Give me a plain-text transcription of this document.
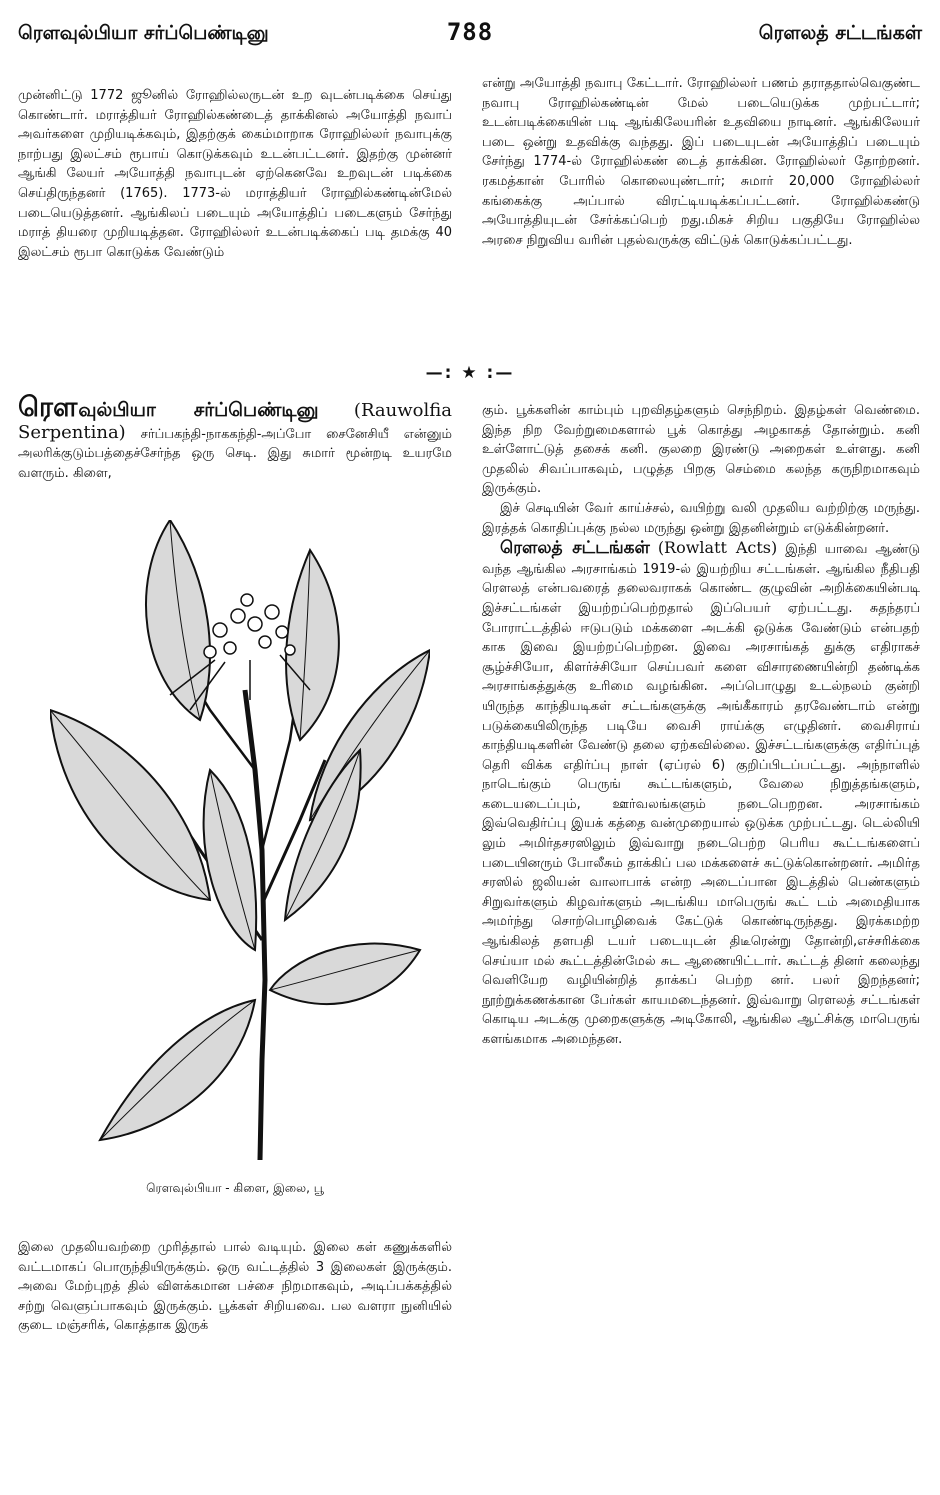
ரௌவுல்பியா சர்ப்பெண்டினு	788	ரௌலத் சட்டங்கள்

முன்னிட்டு 1772 ஜூனில் ரோஹில்லருடன் உற வுடன்படிக்கை செய்து கொண்டார். மராத்தியர் ரோஹில்கண்டைத் தாக்கினல் அயோத்தி நவாப் அவர்களை முறியடிக்கவும், இதற்குக் கைம்மாறாக ரோஹில்லர் நவாபுக்கு நாற்பது இலட்சம் ரூபாய் கொடுக்கவும் உடன்பட்டனர். இதற்கு முன்னர் ஆங்கி லேயர் அயோத்தி நவாபுடன் ஏற்கெனவே உறவுடன் படிக்கை செய்திருந்தனர் (1765). 1773-ல் மராத்தியர் ரோஹில்கண்டின்மேல் படையெடுத்தனர். ஆங்கிலப் படையும் அயோத்திப் படைகளும் சேர்ந்து மராத் தியரை முறியடித்தன. ரோஹில்லர் உடன்படிக்கைப் படி தமக்கு 40 இலட்சம் ரூபா கொடுக்க வேண்டும்

என்று அயோத்தி நவாபு கேட்டார். ரோஹில்லர் பணம் தராததால்வெகுண்ட நவாபு ரோஹில்கண்டின் மேல் படையெடுக்க முற்பட்டார்; உடன்படிக்கையின் படி ஆங்கிலேயரின் உதவியை நாடினர். ஆங்கிலேயர் படை ஒன்று உதவிக்கு வந்தது. இப் படையுடன் அயோத்திப் படையும் சேர்ந்து 1774-ல் ரோஹில்கண் டைத் தாக்கின. ரோஹில்லர் தோற்றனர். ரகமத்கான் போரில் கொலையுண்டார்; சுமார் 20,000 ரோஹில்லர் கங்கைக்கு அப்பால் விரட்டியடிக்கப்பட்டனர். ரோஹில்கண்டு அயோத்தியுடன் சேர்க்கப்பெற் றது.மிகச் சிறிய பகுதியே ரோஹில்ல அரசை நிறுவிய வரின் புதல்வருக்கு விட்டுக் கொடுக்கப்பட்டது.

—: ★ :—

ரௌவுல்பியா சர்ப்பெண்டினு (Rauwolfia Serpentina) சர்ப்பகந்தி-நாககந்தி-அப்போ சைனேசியீ என்னும் அலரிக்குடும்பத்தைச்சேர்ந்த ஒரு செடி. இது சுமார் மூன்றடி உயரமே வளரும். கிளை,

ரௌவுல்பியா - கிளை, இலை, பூ

இலை முதலியவற்றை முரித்தால் பால் வடியும். இலை கள் கணுக்களில் வட்டமாகப் பொருந்தியிருக்கும். ஒரு வட்டத்தில் 3 இலைகள் இருக்கும். அவை மேற்புறத் தில் விளக்கமான பச்சை நிறமாகவும், அடிப்பக்கத்தில் சற்று வெளுப்பாகவும் இருக்கும். பூக்கள் சிறியவை. பல வளரா நுனியில் குடை மஞ்சரிக், கொத்தாக இருக்

கும். பூக்களின் காம்பும் புறவிதழ்களும் செந்நிறம். இதழ்கள் வெண்மை. இந்த நிற வேற்றுமைகளால் பூக் கொத்து அழகாகத் தோன்றும். கனி உள்ளோட்டுத் தசைக் கனி. குலறை இரண்டு அறைகள் உள்ளது. கனி முதலில் சிவப்பாகவும், பழுத்த பிறகு செம்மை கலந்த கருநிறமாகவும் இருக்கும்.

இச் செடியின் வேர் காய்ச்சல், வயிற்று வலி முதலிய வற்றிற்கு மருந்து. இரத்தக் கொதிப்புக்கு நல்ல மருந்து ஒன்று இதனின்றும் எடுக்கின்றனர்.

ரௌலத் சட்டங்கள் (Rowlatt Acts) இந்தி யாவை ஆண்டு வந்த ஆங்கில அரசாங்கம் 1919-ல் இயற்றிய சட்டங்கள். ஆங்கில நீதிபதி ரௌலத் என்பவரைத் தலைவராகக் கொண்ட குழுவின் அறிக்கையின்படி இச்சட்டங்கள் இயற்றப்பெற்றதால் இப்பெயர் ஏற்பட்டது. சுதந்தரப் போராட்டத்தில் ஈடுபடும் மக்களை அடக்கி ஒடுக்க வேண்டும் என்பதற் காக இவை இயற்றப்பெற்றன. இவை அரசாங்கத் துக்கு எதிராகச் சூழ்ச்சியோ, கிளர்ச்சியோ செய்பவர் களை விசாரணையின்றி தண்டிக்க அரசாங்கத்துக்கு உரிமை வழங்கின. அப்பொழுது உடல்நலம் குன்றி யிருந்த காந்தியடிகள் சட்டங்களுக்கு அங்கீகாரம் தரவேண்டாம் என்று படுக்கையிலிருந்த படியே வைசி ராய்க்கு எழுதினர். வைசிராய் காந்தியடிகளின் வேண்டு தலை ஏற்கவில்லை. இச்சட்டங்களுக்கு எதிர்ப்புத் தெரி விக்க எதிர்ப்பு நாள் (ஏப்ரல் 6) குறிப்பிடப்பட்டது. அந்நாளில் நாடெங்கும் பெருங் கூட்டங்களும், வேலை நிறுத்தங்களும், கடையடைப்பும், ஊர்வலங்களும் நடைபெறறன. அரசாங்கம் இவ்வெதிர்ப்பு இயக் கத்தை வன்முறையால் ஒடுக்க முற்பட்டது. டெல்லியி லும் அமிர்தசரஸிலும் இவ்வாறு நடைபெற்ற பெரிய கூட்டங்களைப் படையினரும் போலீசும் தாக்கிப் பல மக்களைச் சுட்டுக்கொன்றனர். அமிர்த சரஸில் ஜலியன் வாலாபாக் என்ற அடைப்பான இடத்தில் பெண்களும் சிறுவர்களும் கிழவர்களும் அடங்கிய மாபெருங் கூட் டம் அமைதியாக அமர்ந்து சொற்பொழிவைக் கேட்டுக் கொண்டிருந்தது. இரக்கமற்ற ஆங்கிலத் தளபதி டயர் படையுடன் திடீரென்று தோன்றி,எச்சரிக்கை செய்யா மல் கூட்டத்தின்மேல் சுட ஆணையிட்டார். கூட்டத் தினர் கலைந்து வெளியேற வழியின்றித் தாக்கப் பெற்ற னர். பலர் இறந்தனர்; நூற்றுக்கணக்கான பேர்கள் காயமடைந்தனர். இவ்வாறு ரௌலத் சட்டங்கள் கொடிய அடக்கு முறைகளுக்கு அடிகோலி, ஆங்கில ஆட்சிக்கு மாபெருங் களங்கமாக அமைந்தன.
